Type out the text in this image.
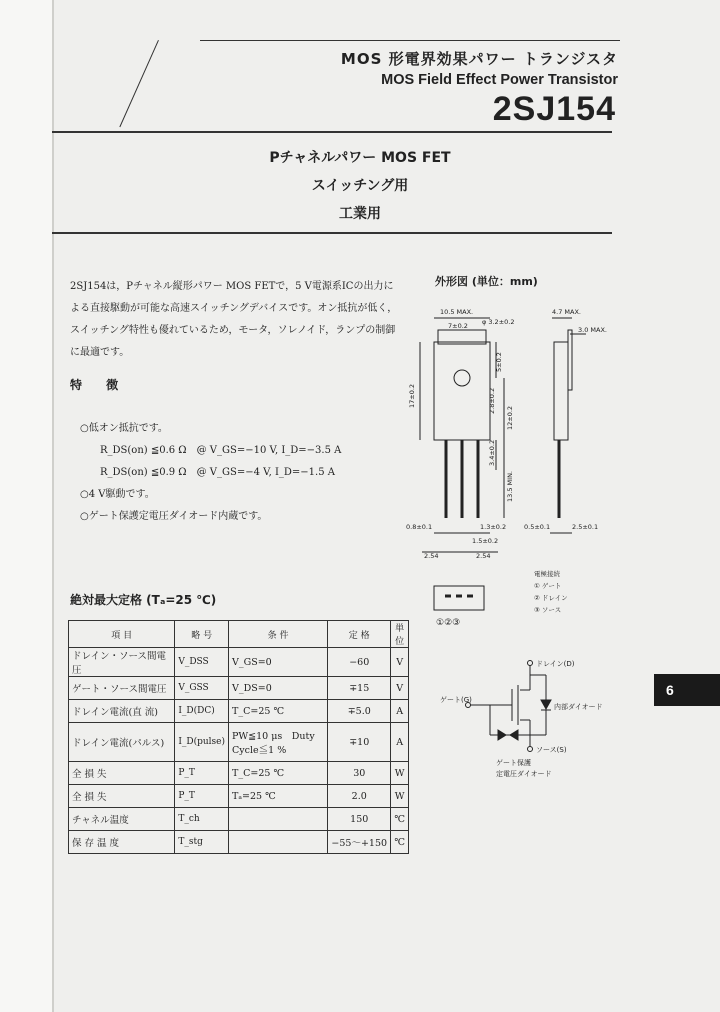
MOS 形電界効果パワー トランジスタ
MOS Field Effect Power Transistor
2SJ154
Pチャネルパワー MOS FET
スイッチング用
工業用
2SJ154は，Pチャネル縦形パワー MOS FETで，5 V電源系ICの出力による直接駆動が可能な高速スイッチングデバイスです。オン抵抗が低く，スイッチング特性も優れているため，モータ，ソレノイド，ランプの制御に最適です。
特 徴
○低オン抵抗です。
R_DS(on) ≦0.6 Ω　@ V_GS=−10 V, I_D=−3.5 A
R_DS(on) ≦0.9 Ω　@ V_GS=−4 V, I_D=−1.5 A
○4 V駆動です。
○ゲート保護定電圧ダイオード内蔵です。
絶対最大定格 (Tₐ=25 ℃)
項 目	略 号	条 件	定 格	単位
ドレイン・ソース間電圧	V_DSS	V_GS=0	−60	V
ゲート・ソース間電圧	V_GSS	V_DS=0	∓15	V
ドレイン電流(直 流)	I_D(DC)	T_C=25 ℃	∓5.0	A
ドレイン電流(パルス)	I_D(pulse)	PW≦10 μs　Duty Cycle≦1 %	∓10	A
全 損 失	P_T	T_C=25 ℃	30	W
全 損 失	P_T	Tₐ=25 ℃	2.0	W
チャネル温度	T_ch		150	℃
保 存 温 度	T_stg		−55～+150	℃
外形図 (単位：mm)
10.5 MAX.
7±0.2 φ 3.2±0.2
4.7 MAX.
3.0 MAX.
17±0.2
5±0.2
2.8±0.2
12±0.2
3.4±0.2
13.5 MIN.
0.8±0.1	1.3±0.2
1.5±0.2
0.5±0.1	2.5±0.1
2.54	2.54
①②③
電極接続
① ゲート
② ドレイン
③ ソース
ドレイン(D)
ゲート(G)
ソース(S)
内部ダイオード
ゲート保護
定電圧ダイオード
6
